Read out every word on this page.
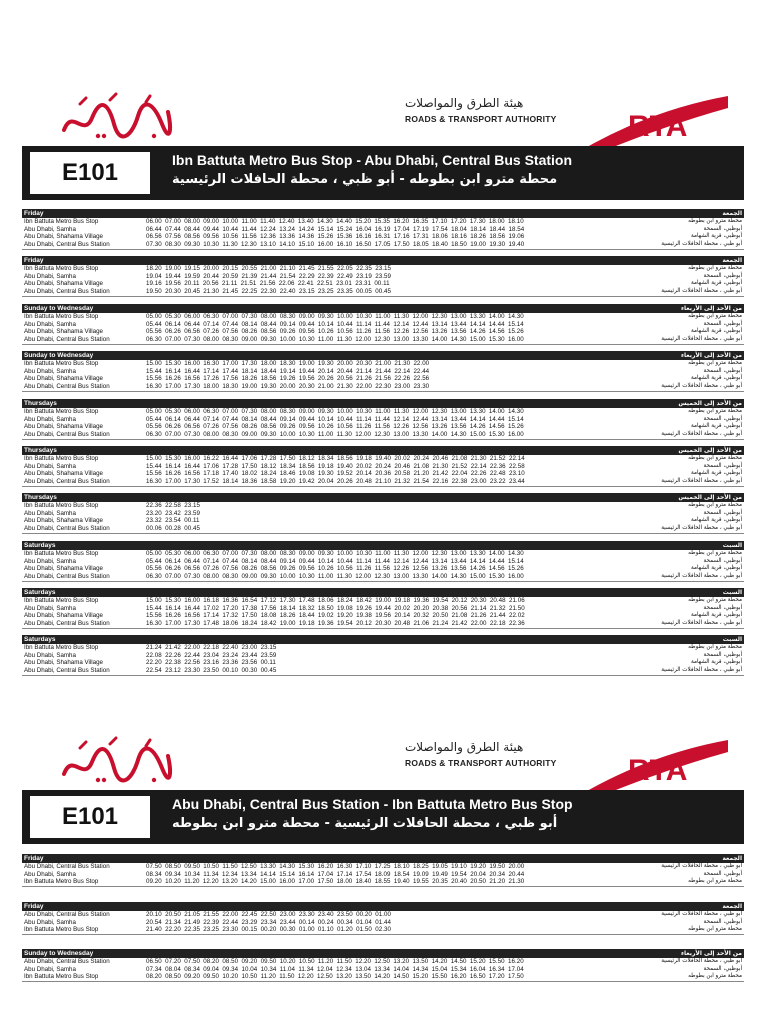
هيئة الطرق والمواصلات
ROADS & TRANSPORT AUTHORITY RTA
E101	Ibn Battuta Metro Bus Stop - Abu Dhabi, Central Bus Station
محطة مترو ابن بطوطه - أبو ظبي ، محطة الحافلات الرئيسية
Friday	الجمعة
Ibn Battuta Metro Bus Stop	06.00 07.00 08.00 09.00 10.00 11.00 11.40 12.40 13.40 14.30 14.40 15.20 15.35 16.20 16.35 17.10 17.20 17.30 18.00 18.10	محطة مترو ابن بطوطه
Abu Dhabi, Samha	06.44 07.44 08.44 09.44 10.44 11.44 12.24 13.24 14.24 15.14 15.24 16.04 16.19 17.04 17.19 17.54 18.04 18.14 18.44 18.54	أبوظبي، السمحة
Abu Dhabi, Shahama Village	06.56 07.56 08.56 09.56 10.56 11.56 12.36 13.36 14.36 15.26 15.36 16.16 16.31 17.16 17.31 18.06 18.16 18.26 18.56 19.06	أبوظبي، قرية الشهامة
Abu Dhabi, Central Bus Station	07.30 08.30 09.30 10.30 11.30 12.30 13.10 14.10 15.10 16.00 16.10 16.50 17.05 17.50 18.05 18.40 18.50 19.00 19.30 19.40	أبو ظبي ، محطة الحافلات الرئيسية
Friday	الجمعة
Ibn Battuta Metro Bus Stop	18.20 19.00 19.15 20.00 20.15 20.55 21.00 21.10 21.45 21.55 22.05 22.35 23.15	محطة مترو ابن بطوطه
Abu Dhabi, Samha	19.04 19.44 19.59 20.44 20.59 21.39 21.44 21.54 22.29 22.39 22.49 23.19 23.59	أبوظبي، السمحة
Abu Dhabi, Shahama Village	19.16 19.56 20.11 20.56 21.11 21.51 21.56 22.06 22.41 22.51 23.01 23.31 00.11	أبوظبي، قرية الشهامة
Abu Dhabi, Central Bus Station	19.50 20.30 20.45 21.30 21.45 22.25 22.30 22.40 23.15 23.25 23.35 00.05 00.45	أبو ظبي ، محطة الحافلات الرئيسية
Sunday to Wednesday	من الأحد إلى الأربعاء
Ibn Battuta Metro Bus Stop	05.00 05.30 06.00 06.30 07.00 07.30 08.00 08.30 09.00 09.30 10.00 10.30 11.00 11.30 12.00 12.30 13.00 13.30 14.00 14.30	محطة مترو ابن بطوطه
Abu Dhabi, Samha	05.44 06.14 06.44 07.14 07.44 08.14 08.44 09.14 09.44 10.14 10.44 11.14 11.44 12.14 12.44 13.14 13.44 14.14 14.44 15.14	أبوظبي، السمحة
Abu Dhabi, Shahama Village	05.56 06.26 06.56 07.26 07.56 08.26 08.56 09.26 09.56 10.26 10.56 11.26 11.56 12.26 12.56 13.26 13.56 14.26 14.56 15.26	أبوظبي، قرية الشهامة
Abu Dhabi, Central Bus Station	06.30 07.00 07.30 08.00 08.30 09.00 09.30 10.00 10.30 11.00 11.30 12.00 12.30 13.00 13.30 14.00 14.30 15.00 15.30 16.00	أبو ظبي ، محطة الحافلات الرئيسية
Sunday to Wednesday	من الأحد إلى الأربعاء
Ibn Battuta Metro Bus Stop	15.00 15.30 16.00 16.30 17.00 17.30 18.00 18.30 19.00 19.30 20.00 20.30 21.00 21.30 22.00	محطة مترو ابن بطوطه
Abu Dhabi, Samha	15.44 16.14 16.44 17.14 17.44 18.14 18.44 19.14 19.44 20.14 20.44 21.14 21.44 22.14 22.44	أبوظبي، السمحة
Abu Dhabi, Shahama Village	15.56 16.26 16.56 17.26 17.56 18.26 18.56 19.26 19.56 20.26 20.56 21.26 21.56 22.26 22.56	أبوظبي، قرية الشهامة
Abu Dhabi, Central Bus Station	16.30 17.00 17.30 18.00 18.30 19.00 19.30 20.00 20.30 21.00 21.30 22.00 22.30 23.00 23.30	أبو ظبي ، محطة الحافلات الرئيسية
Thursdays	من الأحد إلى الخميس
Ibn Battuta Metro Bus Stop	05.00 05.30 06.00 06.30 07.00 07.30 08.00 08.30 09.00 09.30 10.00 10.30 11.00 11.30 12.00 12.30 13.00 13.30 14.00 14.30	محطة مترو ابن بطوطه
Abu Dhabi, Samha	05.44 06.14 06.44 07.14 07.44 08.14 08.44 09.14 09.44 10.14 10.44 11.14 11.44 12.14 12.44 13.14 13.44 14.14 14.44 15.14	أبوظبي، السمحة
Abu Dhabi, Shahama Village	05.56 06.26 06.56 07.26 07.56 08.26 08.56 09.26 09.56 10.26 10.56 11.26 11.56 12.26 12.56 13.26 13.56 14.26 14.56 15.26	أبوظبي، قرية الشهامة
Abu Dhabi, Central Bus Station	06.30 07.00 07.30 08.00 08.30 09.00 09.30 10.00 10.30 11.00 11.30 12.00 12.30 13.00 13.30 14.00 14.30 15.00 15.30 16.00	أبو ظبي ، محطة الحافلات الرئيسية
Thursdays	من الأحد إلى الخميس
Ibn Battuta Metro Bus Stop	15.00 15.30 16.00 16.22 16.44 17.06 17.28 17.50 18.12 18.34 18.56 19.18 19.40 20.02 20.24 20.46 21.08 21.30 21.52 22.14	محطة مترو ابن بطوطه
Abu Dhabi, Samha	15.44 16.14 16.44 17.06 17.28 17.50 18.12 18.34 18.56 19.18 19.40 20.02 20.24 20.46 21.08 21.30 21.52 22.14 22.36 22.58	أبوظبي، السمحة
Abu Dhabi, Shahama Village	15.56 16.26 16.56 17.18 17.40 18.02 18.24 18.46 19.08 19.30 19.52 20.14 20.36 20.58 21.20 21.42 22.04 22.26 22.48 23.10	أبوظبي، قرية الشهامة
Abu Dhabi, Central Bus Station	16.30 17.00 17.30 17.52 18.14 18.36 18.58 19.20 19.42 20.04 20.26 20.48 21.10 21.32 21.54 22.16 22.38 23.00 23.22 23.44	أبو ظبي ، محطة الحافلات الرئيسية
Thursdays	من الأحد إلى الخميس
Ibn Battuta Metro Bus Stop	22.36 22.58 23.15	محطة مترو ابن بطوطه
Abu Dhabi, Samha	23.20 23.42 23.59	أبوظبي، السمحة
Abu Dhabi, Shahama Village	23.32 23.54 00.11	أبوظبي، قرية الشهامة
Abu Dhabi, Central Bus Station	00.06 00.28 00.45	أبو ظبي ، محطة الحافلات الرئيسية
Saturdays	السبت
Ibn Battuta Metro Bus Stop	05.00 05.30 06.00 06.30 07.00 07.30 08.00 08.30 09.00 09.30 10.00 10.30 11.00 11.30 12.00 12.30 13.00 13.30 14.00 14.30	محطة مترو ابن بطوطه
Abu Dhabi, Samha	05.44 06.14 06.44 07.14 07.44 08.14 08.44 09.14 09.44 10.14 10.44 11.14 11.44 12.14 12.44 13.14 13.44 14.14 14.44 15.14	أبوظبي، السمحة
Abu Dhabi, Shahama Village	05.56 06.26 06.56 07.26 07.56 08.26 08.56 09.26 09.56 10.26 10.56 11.26 11.56 12.26 12.56 13.26 13.56 14.26 14.56 15.26	أبوظبي، قرية الشهامة
Abu Dhabi, Central Bus Station	06.30 07.00 07.30 08.00 08.30 09.00 09.30 10.00 10.30 11.00 11.30 12.00 12.30 13.00 13.30 14.00 14.30 15.00 15.30 16.00	أبو ظبي ، محطة الحافلات الرئيسية
Saturdays	السبت
Ibn Battuta Metro Bus Stop	15.00 15.30 16.00 16.18 16.36 16.54 17.12 17.30 17.48 18.06 18.24 18.42 19.00 19.18 19.36 19.54 20.12 20.30 20.48 21.06	محطة مترو ابن بطوطه
Abu Dhabi, Samha	15.44 16.14 16.44 17.02 17.20 17.38 17.56 18.14 18.32 18.50 19.08 19.26 19.44 20.02 20.20 20.38 20.56 21.14 21.32 21.50	أبوظبي، السمحة
Abu Dhabi, Shahama Village	15.56 16.26 16.56 17.14 17.32 17.50 18.08 18.26 18.44 19.02 19.20 19.38 19.56 20.14 20.32 20.50 21.08 21.26 21.44 22.02	أبوظبي، قرية الشهامة
Abu Dhabi, Central Bus Station	16.30 17.00 17.30 17.48 18.06 18.24 18.42 19.00 19.18 19.36 19.54 20.12 20.30 20.48 21.06 21.24 21.42 22.00 22.18 22.36	أبو ظبي ، محطة الحافلات الرئيسية
Saturdays	السبت
Ibn Battuta Metro Bus Stop	21.24 21.42 22.00 22.18 22.40 23.00 23.15	محطة مترو ابن بطوطه
Abu Dhabi, Samha	22.08 22.26 22.44 23.04 23.24 23.44 23.59	أبوظبي، السمحة
Abu Dhabi, Shahama Village	22.20 22.38 22.56 23.16 23.36 23.56 00.11	أبوظبي، قرية الشهامة
Abu Dhabi, Central Bus Station	22.54 23.12 23.30 23.50 00.10 00.30 00.45	أبو ظبي ، محطة الحافلات الرئيسية
هيئة الطرق والمواصلات
ROADS & TRANSPORT AUTHORITY RTA
E101	Abu Dhabi, Central Bus Station - Ibn Battuta Metro Bus Stop
أبو ظبي ، محطة الحافلات الرئيسية - محطة مترو ابن بطوطه
Friday	الجمعة
Abu Dhabi, Central Bus Station	07.50 08.50 09.50 10.50 11.50 12.50 13.30 14.30 15.30 16.20 16.30 17.10 17.25 18.10 18.25 19.05 19.10 19.20 19.50 20.00	أبو ظبي ، محطة الحافلات الرئيسية
Abu Dhabi, Samha	08.34 09.34 10.34 11.34 12.34 13.34 14.14 15.14 16.14 17.04 17.14 17.54 18.09 18.54 19.09 19.49 19.54 20.04 20.34 20.44	أبوظبي، السمحة
Ibn Battuta Metro Bus Stop	09.20 10.20 11.20 12.20 13.20 14.20 15.00 16.00 17.00 17.50 18.00 18.40 18.55 19.40 19.55 20.35 20.40 20.50 21.20 21.30	محطة مترو ابن بطوطه
Friday	الجمعة
Abu Dhabi, Central Bus Station	20.10 20.50 21.05 21.55 22.00 22.45 22.50 23.00 23.30 23.40 23.50 00.20 01.00	أبو ظبي ، محطة الحافلات الرئيسية
Abu Dhabi, Samha	20.54 21.34 21.49 22.39 22.44 23.29 23.34 23.44 00.14 00.24 00.34 01.04 01.44	أبوظبي، السمحة
Ibn Battuta Metro Bus Stop	21.40 22.20 22.35 23.25 23.30 00.15 00.20 00.30 01.00 01.10 01.20 01.50 02.30	محطة مترو ابن بطوطه
Sunday to Wednesday	من الأحد إلى الأربعاء
Abu Dhabi, Central Bus Station	06.50 07.20 07.50 08.20 08.50 09.20 09.50 10.20 10.50 11.20 11.50 12.20 12.50 13.20 13.50 14.20 14.50 15.20 15.50 16.20	أبو ظبي ، محطة الحافلات الرئيسية
Abu Dhabi, Samha	07.34 08.04 08.34 09.04 09.34 10.04 10.34 11.04 11.34 12.04 12.34 13.04 13.34 14.04 14.34 15.04 15.34 16.04 16.34 17.04	أبوظبي، السمحة
Ibn Battuta Metro Bus Stop	08.20 08.50 09.20 09.50 10.20 10.50 11.20 11.50 12.20 12.50 13.20 13.50 14.20 14.50 15.20 15.50 16.20 16.50 17.20 17.50	محطة مترو ابن بطوطه
